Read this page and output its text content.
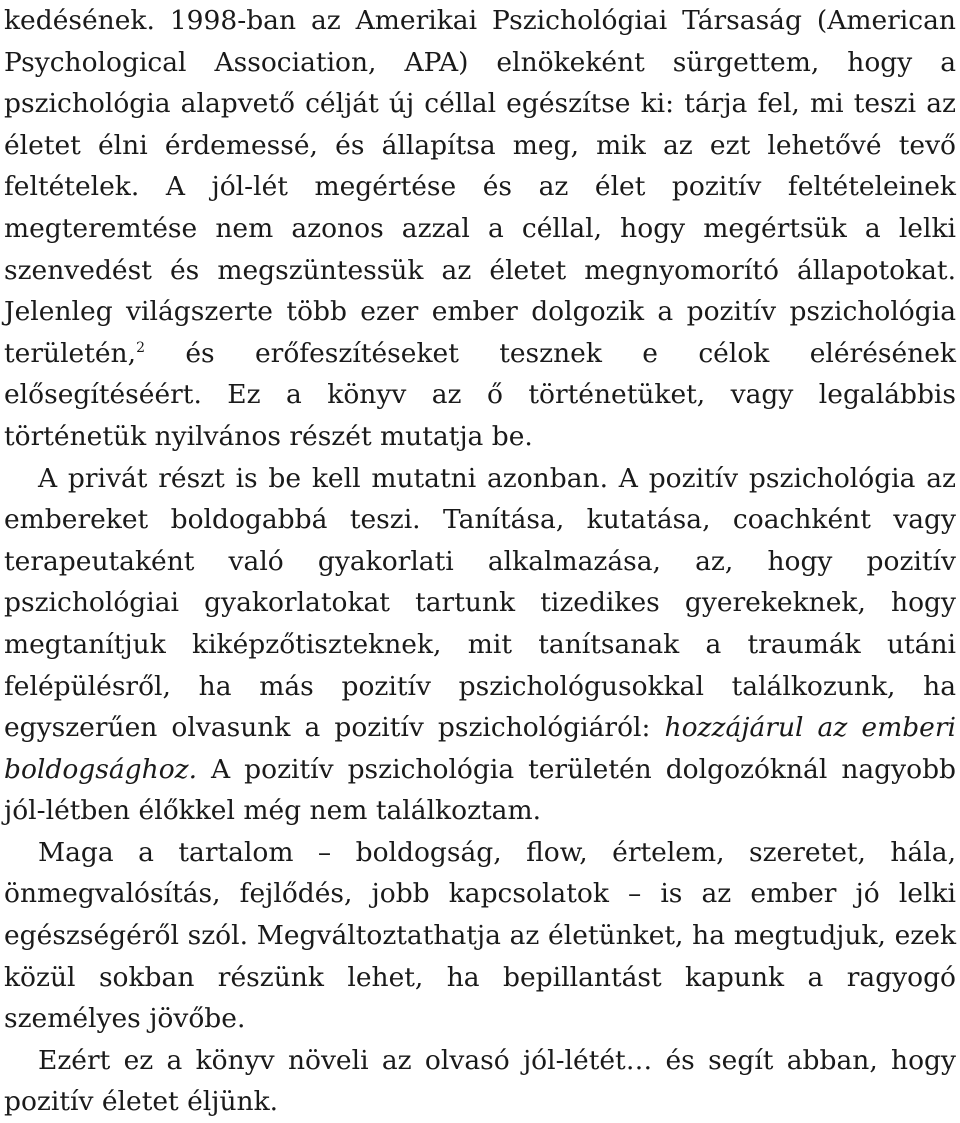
kedésének. 1998-ban az Amerikai Pszichológiai Társaság (American Psychological Association, APA) elnökeként sürgettem, hogy a pszichológia alapvető célját új céllal egészítse ki: tárja fel, mi teszi az életet élni érdemessé, és állapítsa meg, mik az ezt lehetővé tevő feltételek. A jól-lét megértése és az élet pozitív feltételeinek megteremtése nem azonos azzal a céllal, hogy megértsük a lelki szenvedést és megszüntessük az életet megnyomorító állapotokat. Jelenleg világszerte több ezer ember dolgozik a pozitív pszichológia területén,$^2$ és erőfeszítéseket tesznek e célok elérésének elősegítéséért. Ez a könyv az ő történetüket, vagy legalábbis történetük nyilvános részét mutatja be.

A privát részt is be kell mutatni azonban. A pozitív pszichológia az embereket boldogabbá teszi. Tanítása, kutatása, coachként vagy terapeutaként való gyakorlati alkalmazása, az, hogy pozitív pszichológiai gyakorlatokat tartunk tizedikes gyerekeknek, hogy megtanítjuk kiképzőtiszteknek, mit tanítsanak a traumák utáni felépülésről, ha más pozitív pszichológusokkal találkozunk, ha egyszerűen olvasunk a pozitív pszichológiáról: hozzájárul az emberi boldogsághoz. A pozitív pszichológia területén dolgozóknál nagyobb jól-létben élőkkel még nem találkoztam.

Maga a tartalom – boldogság, flow, értelem, szeretet, hála, önmegvalósítás, fejlődés, jobb kapcsolatok – is az ember jó lelki egészségéről szól. Megváltoztathatja az életünket, ha megtudjuk, ezek közül sokban részünk lehet, ha bepillantást kapunk a ragyogó személyes jövőbe.

Ezért ez a könyv növeli az olvasó jól-létét… és segít abban, hogy pozitív életet éljünk.
